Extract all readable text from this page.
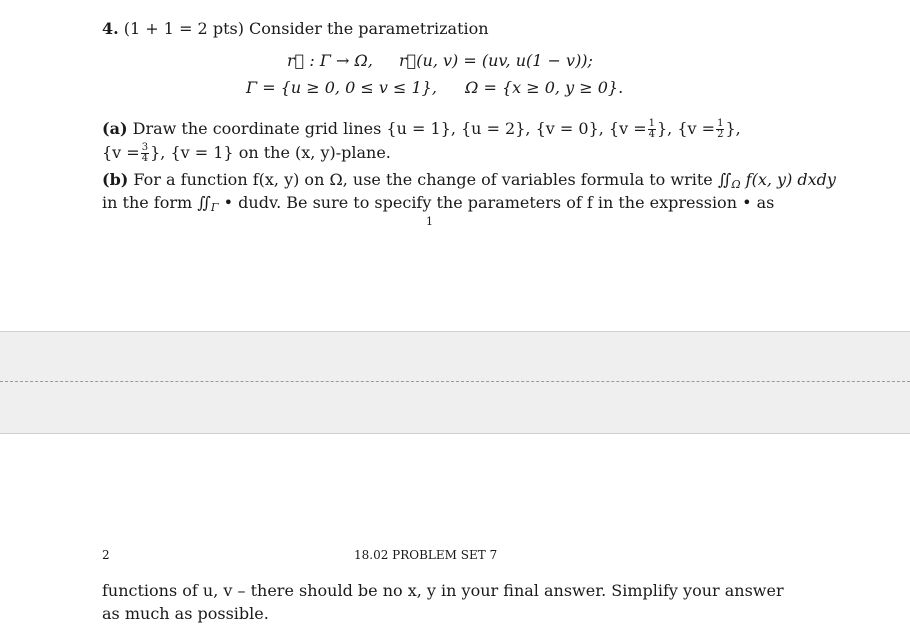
4. (1 + 1 = 2 pts) Consider the parametrization
r⃗ : Γ → Ω, r⃗(u, v) = (uv, u(1 − v));
Γ = {u ≥ 0, 0 ≤ v ≤ 1}, Ω = {x ≥ 0, y ≥ 0}.
(a) Draw the coordinate grid lines {u = 1}, {u = 2}, {v = 0}, {$v = \frac{1}{4}$ }, {$v = \frac{1}{2}$ },
{$v = \frac{3}{4}$ }, {v = 1} on the (x, y)-plane.
(b) For a function f(x, y) on Ω, use the change of variables formula to write $∬_\Omega$ f(x, y) dxdy
in the form $∬_\Gamma$ • dudv. Be sure to specify the parameters of f in the expression • as
1
2	18.02 PROBLEM SET 7
functions of u, v – there should be no x, y in your final answer. Simplify your answer
as much as possible.
